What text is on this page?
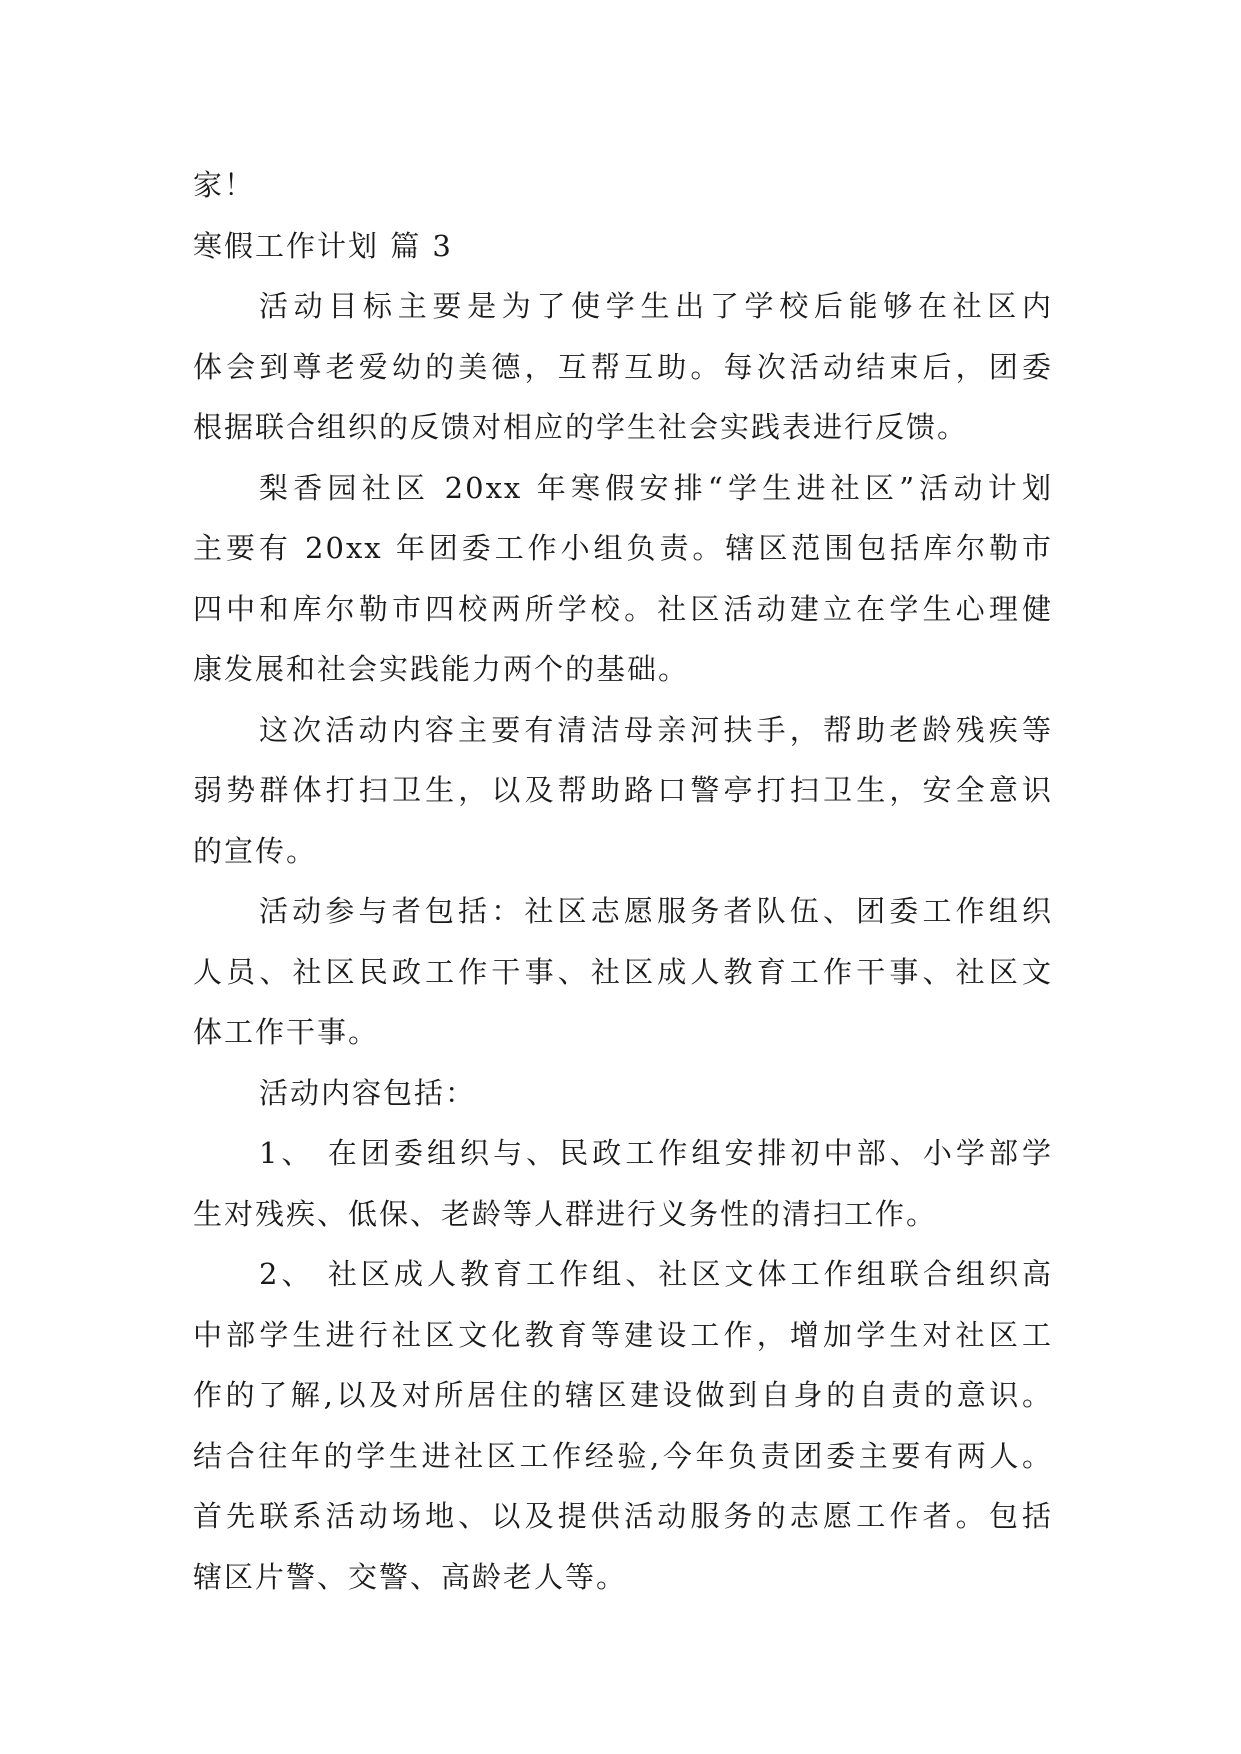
家！
寒假工作计划 篇 3
活动目标主要是为了使学生出了学校后能够在社区内
体会到尊老爱幼的美德，互帮互助。每次活动结束后，团委
根据联合组织的反馈对相应的学生社会实践表进行反馈。
梨香园社区 20xx 年寒假安排“学生进社区”活动计划
主要有 20xx 年团委工作小组负责。辖区范围包括库尔勒市
四中和库尔勒市四校两所学校。社区活动建立在学生心理健
康发展和社会实践能力两个的基础。
这次活动内容主要有清洁母亲河扶手，帮助老龄残疾等
弱势群体打扫卫生，以及帮助路口警亭打扫卫生，安全意识
的宣传。
活动参与者包括：社区志愿服务者队伍、团委工作组织
人员、社区民政工作干事、社区成人教育工作干事、社区文
体工作干事。
活动内容包括：
1、 在团委组织与、民政工作组安排初中部、小学部学
生对残疾、低保、老龄等人群进行义务性的清扫工作。
2、 社区成人教育工作组、社区文体工作组联合组织高
中部学生进行社区文化教育等建设工作，增加学生对社区工
作的了解,以及对所居住的辖区建设做到自身的自责的意识。
结合往年的学生进社区工作经验,今年负责团委主要有两人。
首先联系活动场地、以及提供活动服务的志愿工作者。包括
辖区片警、交警、高龄老人等。
